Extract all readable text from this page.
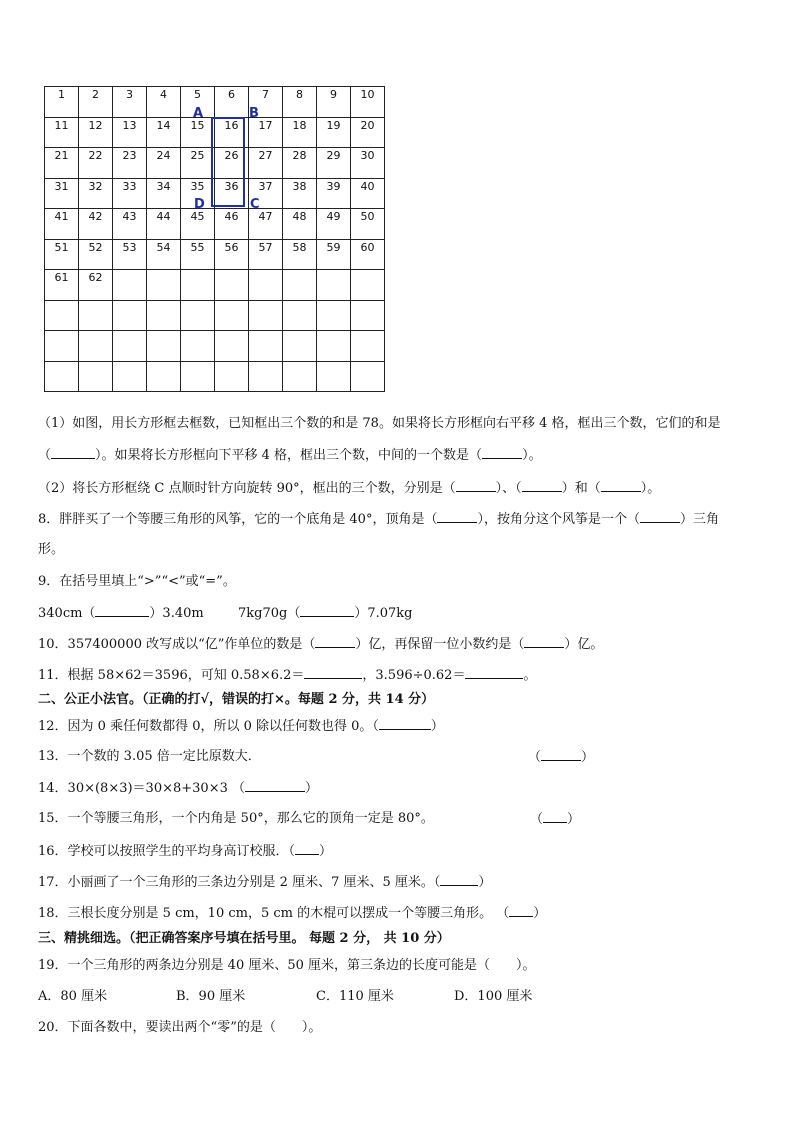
1	2	3	4	5	6	7	8	9	10
11	12	13	14	15	16	17	18	19	20
21	22	23	24	25	26	27	28	29	30
31	32	33	34	35	36	37	38	39	40
41	42	43	44	45	46	47	48	49	50
51	52	53	54	55	56	57	58	59	60
61	62								

A	B
D	C
（1）如图，用长方形框去框数，已知框出三个数的和是 78。如果将长方形框向右平移 4 格，框出三个数，它们的和是
（	）。如果将长方形框向下平移 4 格，框出三个数，中间的一个数是（	）。
（2）将长方形框绕 C 点顺时针方向旋转 90°，框出的三个数，分别是（	）、（	）和（	）。
8．胖胖买了一个等腰三角形的风筝，它的一个底角是 40°，顶角是（	），按角分这个风筝是一个（	）三角
形。
9．在括号里填上“>”“<”或“=”。
340cm（	）3.40m	7kg70g（	）7.07kg
10．357400000 改写成以“亿”作单位的数是（	）亿，再保留一位小数约是（	）亿。
11．根据 58×62＝3596，可知 0.58×6.2＝	，3.596÷0.62＝	。
二、公正小法官。（正确的打√，错误的打×。每题 2 分，共 14 分）
12．因为 0 乘任何数都得 0，所以 0 除以任何数也得 0。（	）
13．一个数的 3.05 倍一定比原数大．	（	）
14．30×(8×3)＝30×8+30×3 （	）
15．一个等腰三角形，一个内角是 50°，那么它的顶角一定是 80°。	（ ）
16．学校可以按照学生的平均身高订校服．（ ）
17．小丽画了一个三角形的三条边分别是 2 厘米、7 厘米、5 厘米。（	）
18．三根长度分别是 5 cm，10 cm，5 cm 的木棍可以摆成一个等腰三角形。 （ ）
三、精挑细选。（把正确答案序号填在括号里。 每题 2 分， 共 10 分）
19．一个三角形的两条边分别是 40 厘米、50 厘米，第三条边的长度可能是（　　）。
A．80 厘米	B．90 厘米	C．110 厘米	D．100 厘米
20．下面各数中，要读出两个“零”的是（　　）。
